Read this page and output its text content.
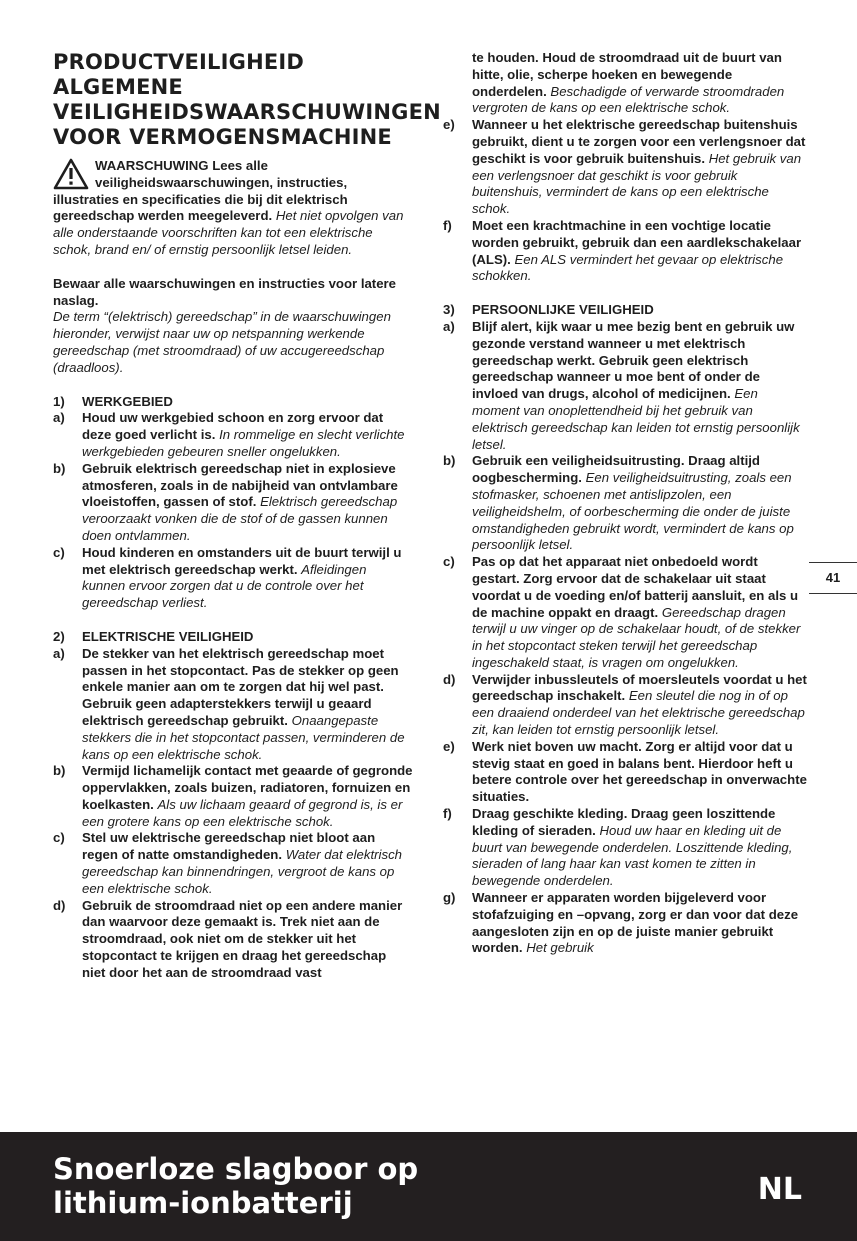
PRODUCTVEILIGHEID
ALGEMENE
VEILIGHEIDSWAARSCHUWINGEN
VOOR VERMOGENSMACHINE

WAARSCHUWING Lees alle veiligheidswaarschuwingen, instructies, illustraties en specificaties die bij dit elektrisch gereedschap werden meegeleverd. Het niet opvolgen van alle onderstaande voorschriften kan tot een elektrische schok, brand en/ of ernstig persoonlijk letsel leiden.

Bewaar alle waarschuwingen en instructies voor latere naslag.
De term “(elektrisch) gereedschap” in de waarschuwingen hieronder, verwijst naar uw op netspanning werkende gereedschap (met stroomdraad) of uw accugereedschap (draadloos).

1)	WERKGEBIED
a)	Houd uw werkgebied schoon en zorg ervoor dat deze goed verlicht is. In rommelige en slecht verlichte werkgebieden gebeuren sneller ongelukken.
b)	Gebruik elektrisch gereedschap niet in explosieve atmosferen, zoals in de nabijheid van ontvlambare vloeistoffen, gassen of stof. Elektrisch gereedschap veroorzaakt vonken die de stof of de gassen kunnen doen ontvlammen.
c)	Houd kinderen en omstanders uit de buurt terwijl u met elektrisch gereedschap werkt. Afleidingen kunnen ervoor zorgen dat u de controle over het gereedschap verliest.
2)	ELEKTRISCHE VEILIGHEID
a)	De stekker van het elektrisch gereedschap moet passen in het stopcontact. Pas de stekker op geen enkele manier aan om te zorgen dat hij wel past. Gebruik geen adapterstekkers terwijl u geaard elektrisch gereedschap gebruikt. Onaangepaste stekkers die in het stopcontact passen, verminderen de kans op een elektrische schok.
b)	Vermijd lichamelijk contact met geaarde of gegronde oppervlakken, zoals buizen, radiatoren, fornuizen en koelkasten. Als uw lichaam geaard of gegrond is, is er een grotere kans op een elektrische schok.
c)	Stel uw elektrische gereedschap niet bloot aan regen of natte omstandigheden. Water dat elektrisch gereedschap kan binnendringen, vergroot de kans op een elektrische schok.
d)	Gebruik de stroomdraad niet op een andere manier dan waarvoor deze gemaakt is. Trek niet aan de stroomdraad, ook niet om de stekker uit het stopcontact te krijgen en draag het gereedschap niet door het aan de stroomdraad vast
te houden. Houd de stroomdraad uit de buurt van hitte, olie, scherpe hoeken en bewegende onderdelen. Beschadigde of verwarde stroomdraden vergroten de kans op een elektrische schok.
e)	Wanneer u het elektrische gereedschap buitenshuis gebruikt, dient u te zorgen voor een verlengsnoer dat geschikt is voor gebruik buitenshuis. Het gebruik van een verlengsnoer dat geschikt is voor gebruik buitenshuis, vermindert de kans op een elektrische schok.
f)	Moet een krachtmachine in een vochtige locatie worden gebruikt, gebruik dan een aardlekschakelaar (ALS). Een ALS vermindert het gevaar op elektrische schokken.
3)	PERSOONLIJKE VEILIGHEID
a)	Blijf alert, kijk waar u mee bezig bent en gebruik uw gezonde verstand wanneer u met elektrisch gereedschap werkt. Gebruik geen elektrisch gereedschap wanneer u moe bent of onder de invloed van drugs, alcohol of medicijnen. Een moment van onoplettendheid bij het gebruik van elektrisch gereedschap kan leiden tot ernstig persoonlijk letsel.
b)	Gebruik een veiligheidsuitrusting. Draag altijd oogbescherming. Een veiligheidsuitrusting, zoals een stofmasker, schoenen met antislipzolen, een veiligheidshelm, of oorbescherming die onder de juiste omstandigheden gebruikt wordt, vermindert de kans op persoonlijk letsel.
c)	Pas op dat het apparaat niet onbedoeld wordt gestart. Zorg ervoor dat de schakelaar uit staat voordat u de voeding en/of batterij aansluit, en als u de machine oppakt en draagt. Gereedschap dragen terwijl u uw vinger op de schakelaar houdt, of de stekker in het stopcontact steken terwijl het gereedschap ingeschakeld staat, is vragen om ongelukken.
d)	Verwijder inbussleutels of moersleutels voordat u het gereedschap inschakelt. Een sleutel die nog in of op een draaiend onderdeel van het elektrische gereedschap zit, kan leiden tot ernstig persoonlijk letsel.
e)	Werk niet boven uw macht. Zorg er altijd voor dat u stevig staat en goed in balans bent. Hierdoor heft u betere controle over het gereedschap in onverwachte situaties.
f)	Draag geschikte kleding. Draag geen loszittende kleding of sieraden. Houd uw haar en kleding uit de buurt van bewegende onderdelen. Loszittende kleding, sieraden of lang haar kan vast komen te zitten in bewegende onderdelen.
g)	Wanneer er apparaten worden bijgeleverd voor stofafzuiging en –opvang, zorg er dan voor dat deze aangesloten zijn en op de juiste manier gebruikt worden. Het gebruik
41
Snoerloze slagboor op
lithium-ionbatterij	NL
